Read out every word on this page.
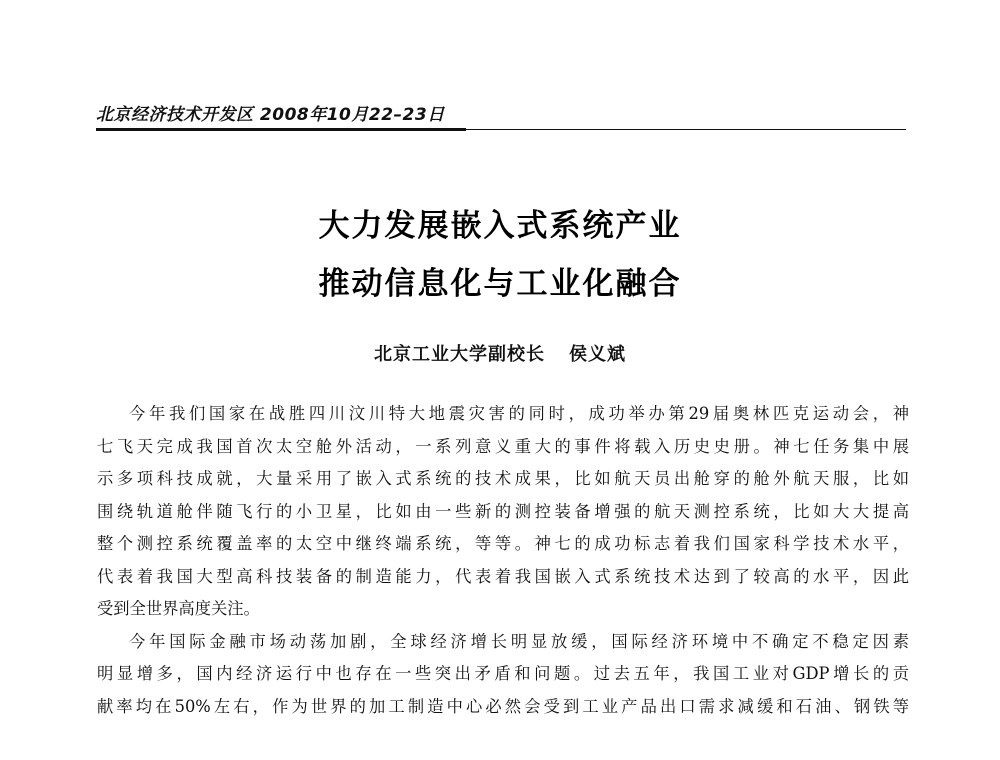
北京经济技术开发区 2008年10月22–23日
大力发展嵌入式系统产业
推动信息化与工业化融合
北京工业大学副校长 侯义斌
今年我们国家在战胜四川汶川特大地震灾害的同时，成功举办第29届奥林匹克运动会，神
七飞天完成我国首次太空舱外活动，一系列意义重大的事件将载入历史史册。神七任务集中展
示多项科技成就，大量采用了嵌入式系统的技术成果，比如航天员出舱穿的舱外航天服，比如
围绕轨道舱伴随飞行的小卫星，比如由一些新的测控装备增强的航天测控系统，比如大大提高
整个测控系统覆盖率的太空中继终端系统，等等。神七的成功标志着我们国家科学技术水平，
代表着我国大型高科技装备的制造能力，代表着我国嵌入式系统技术达到了较高的水平，因此
受到全世界高度关注。
今年国际金融市场动荡加剧，全球经济增长明显放缓，国际经济环境中不确定不稳定因素
明显增多，国内经济运行中也存在一些突出矛盾和问题。过去五年，我国工业对GDP增长的贡
献率均在50%左右，作为世界的加工制造中心必然会受到工业产品出口需求减缓和石油、钢铁等
